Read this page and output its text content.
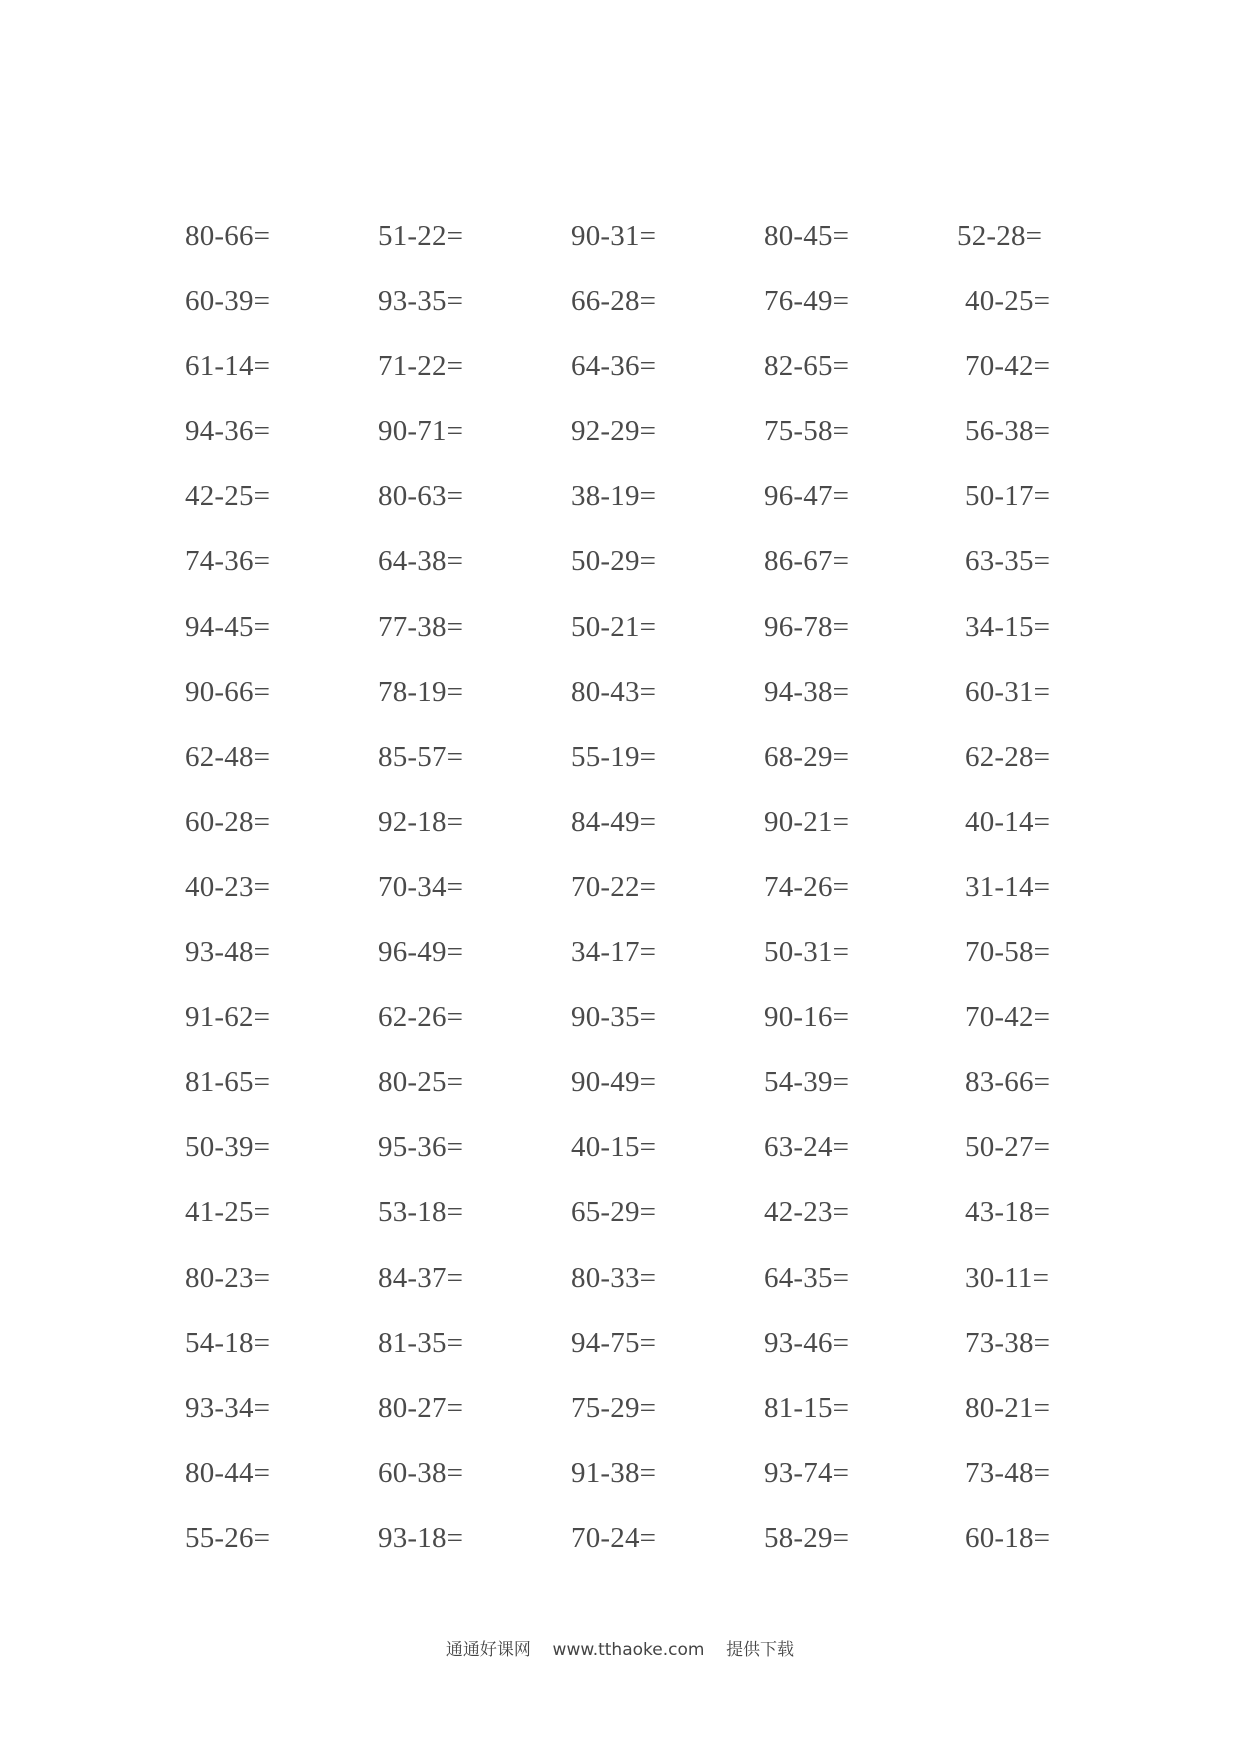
80-66=	51-22=	90-31=	80-45=	52-28=
60-39=	93-35=	66-28=	76-49=	40-25=
61-14=	71-22=	64-36=	82-65=	70-42=
94-36=	90-71=	92-29=	75-58=	56-38=
42-25=	80-63=	38-19=	96-47=	50-17=
74-36=	64-38=	50-29=	86-67=	63-35=
94-45=	77-38=	50-21=	96-78=	34-15=
90-66=	78-19=	80-43=	94-38=	60-31=
62-48=	85-57=	55-19=	68-29=	62-28=
60-28=	92-18=	84-49=	90-21=	40-14=
40-23=	70-34=	70-22=	74-26=	31-14=
93-48=	96-49=	34-17=	50-31=	70-58=
91-62=	62-26=	90-35=	90-16=	70-42=
81-65=	80-25=	90-49=	54-39=	83-66=
50-39=	95-36=	40-15=	63-24=	50-27=
41-25=	53-18=	65-29=	42-23=	43-18=
80-23=	84-37=	80-33=	64-35=	30-11=
54-18=	81-35=	94-75=	93-46=	73-38=
93-34=	80-27=	75-29=	81-15=	80-21=
80-44=	60-38=	91-38=	93-74=	73-48=
55-26=	93-18=	70-24=	58-29=	60-18=
通通好课网 www.tthaoke.com 提供下载
